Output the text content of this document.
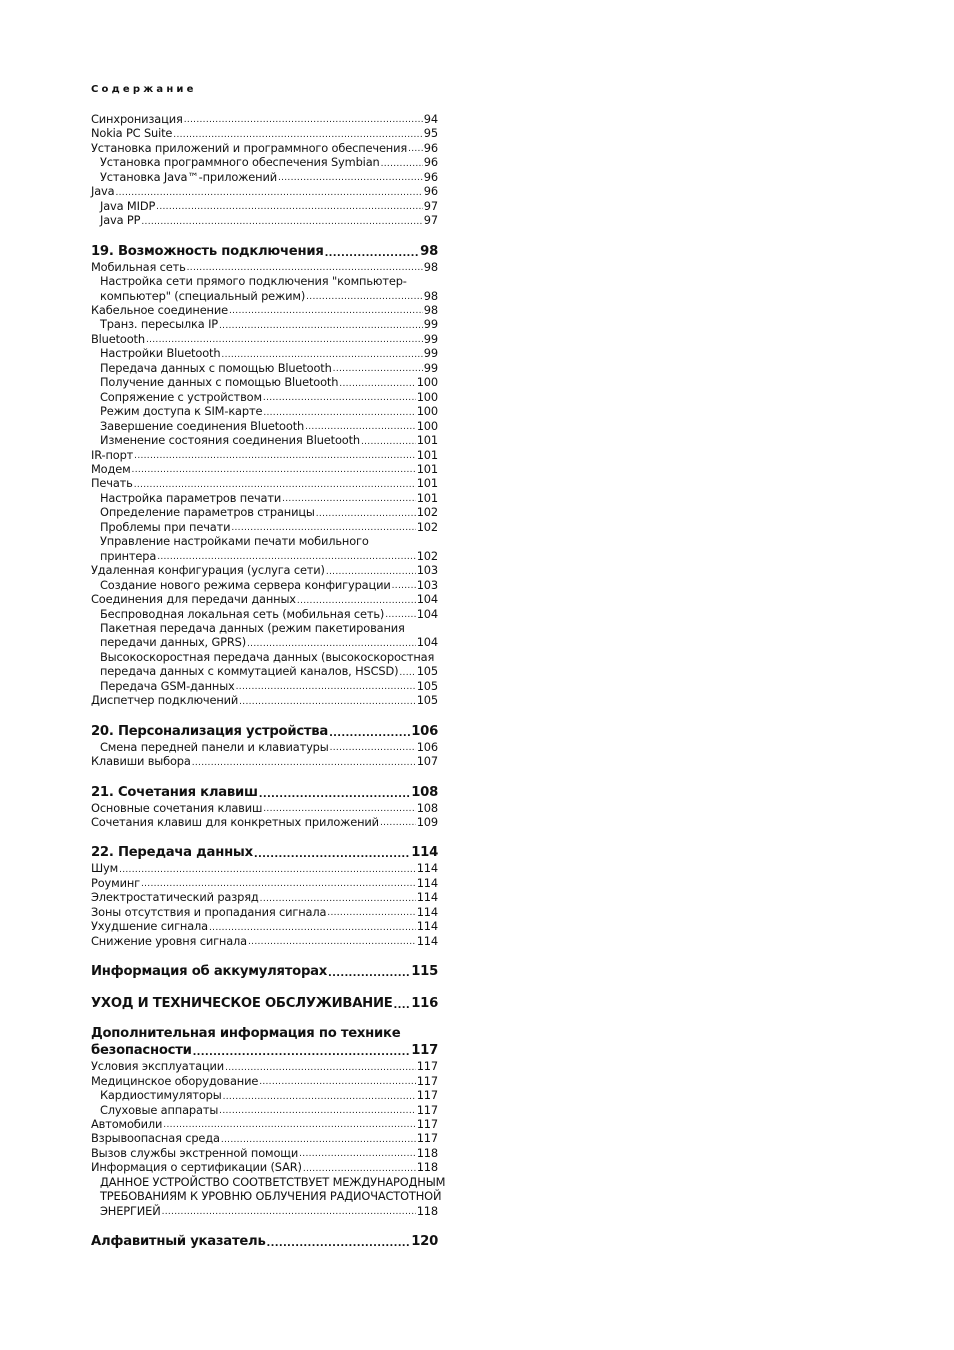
Содержание
Синхронизация .....	94
Nokia PC Suite .....	95
Установка приложений и программного обеспечения ..... 96
Установка программного обеспечения Symbian .....	96
Установка Java™-приложений .....	96
Java .....	96
Java MIDP .....	97
Java PP .....	97
19. Возможность подключения .....	98
Мобильная сеть .....	98
Настройка сети прямого подключения "компьютер-
компьютер" (специальный режим) .....	98
Кабельное соединение .....	98
Транз. пересылка IP .....	99
Bluetooth .....	99
Настройки Bluetooth .....	99
Передача данных с помощью Bluetooth .....	99
Получение данных с помощью Bluetooth .....	100
Сопряжение с устройством .....	100
Режим доступа к SIM-карте .....	100
Завершение соединения Bluetooth .....	100
Изменение состояния соединения Bluetooth .....	101
IR-порт .....	101
Модем .....	101
Печать .....	101
Настройка параметров печати .....	101
Определение параметров страницы .....	102
Проблемы при печати .....	102
Управление настройками печати мобильного
принтера .....	102
Удаленная конфигурация (услуга сети) .....	103
Создание нового режима сервера конфигурации ..... 103
Соединения для передачи данных .....	104
Беспроводная локальная сеть (мобильная сеть) .....	104
Пакетная передача данных (режим пакетирования
передачи данных, GPRS) .....	104
Высокоскоростная передача данных (высокоскоростная
передача данных с коммутацией каналов, HSCSD) ..... 105
Передача GSM-данных .....	105
Диспетчер подключений .....	105
20. Персонализация устройства .....	106
Смена передней панели и клавиатуры .....	106
Клавиши выбора .....	107
21. Сочетания клавиш .....	108
Основные сочетания клавиш .....	108
Сочетания клавиш для конкретных приложений .....	109
22. Передача данных .....	114
Шум .....	114
Роуминг .....	114
Электростатический разряд .....	114
Зоны отсутствия и пропадания сигнала .....	114
Ухудшение сигнала .....	114
Снижение уровня сигнала .....	114
Информация об аккумуляторах .....	115
УХОД И ТЕХНИЧЕСКОЕ ОБСЛУЖИВАНИЕ ..... 116
Дополнительная информация по технике
безопасности .....	117
Условия эксплуатации .....	117
Медицинское оборудование .....	117
Кардиостимуляторы .....	117
Слуховые аппараты .....	117
Автомобили .....	117
Взрывоопасная среда .....	117
Вызов службы экстренной помощи .....	118
Информация о сертификации (SAR) .....	118
ДАННОЕ УСТРОЙСТВО СООТВЕТСТВУЕТ МЕЖДУНАРОДНЫМ
ТРЕБОВАНИЯМ К УРОВНЮ ОБЛУЧЕНИЯ РАДИОЧАСТОТНОЙ
ЭНЕРГИЕЙ .....	118
Алфавитный указатель .....	120
